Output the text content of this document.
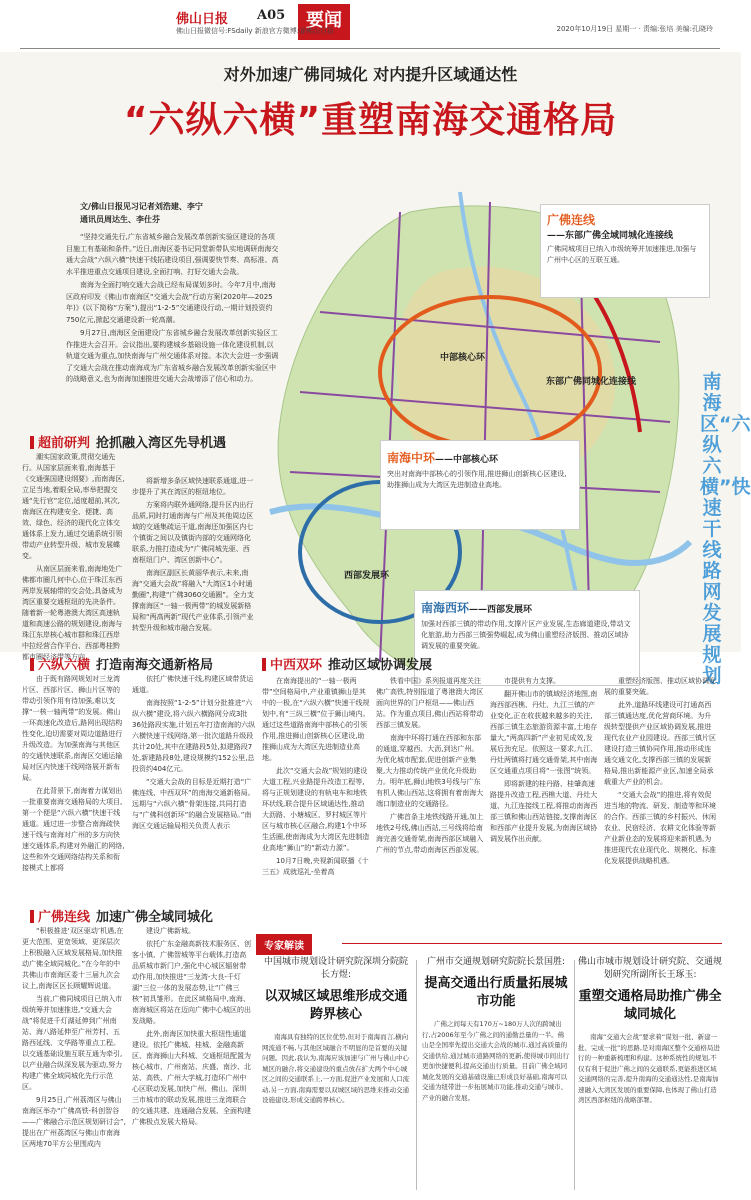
佛山日报 A05	要闻
佛山日报微信号:FSdaily 新浪官方微博:@佛山日报	2020年10月19日 星期一 · 责编:张培 美编:孔晓玲
中部核心环
东部广佛同城化连接线
西部发展环
对外加速广佛同城化 对内提升区域通达性
“六纵六横”重塑南海交通格局
文/佛山日报见习记者刘浩建、李宁
通讯员周达生、李仕芬

“坚持交通先行,广东省城乡融合发展改革创新实验区建设的各项目施工有基础和条件。”近日,南海区委书记同堂新带队实地调研南海交通大会战“六纵六横”快速干线拓建设项目,强调要快节奏、高标准、高水平推进重点交通项目建设,全面打响、打好交通大会战。

南海为全面打响交通大会战已经布局谋划多时。今年7月中,南海区政府印发《佛山市南海区“交通大会战”行动方案(2020年—2025年)》(以下简称“方案”),提出“1-2-5”交通建设行动,一期计划投资约750亿元,掀起交通建设新一轮高潮。

9月27日,南海区全面建设广东省城乡融合发展改革创新实验区工作推进大会召开。会议指出,要构建城乡基础设施一体化建设机制,以轨道交通为重点,加快南海与广州交通体系对接。本次大会进一步强调了交通大会战在推动南海成为广东省城乡融合发展改革创新实验区中的战略意义,也为南海加速推进交通大会战增添了信心和动力。

广佛连线
——东部广佛全域同城化连接线
广佛同城项目已纳入市级统筹并加速推进,加强与广州中心区的互联互通。
南海中环——中部核心环
突出对南海中部核心的引领作用,推进狮山创新核心区建设,助推狮山成为大湾区先进制造业高地。
南海西环——西部发展环
加强对西部三镇的带动作用,支撑片区产业发展,生态廊道建设,带动文化旅游,助力西部三镇强势崛起,成为佛山重塑经济版图、推动区域协调发展的重要突破。
南海区“六纵六横”快速干线路网发展规划
超前研判 抢抓融入湾区先导机遇

潮实国家政策,贯彻交通先行。从国家层面来看,南海基于《交通强国建设纲要》,而南海区,立足当地,着眼全局,率举把握交通“先行官”定位,适度超前,其次,南海区在构建安全、便捷、高效、绿色、经济的现代化立体交通体系上发力,通过交通系统引领带动产业转型升级、城市发展蝶变。

从南区层面来看,南海地处广佛都市圈几何中心,位于珠江东西两岸发展轴带的交会处,具备成为湾区重要交通枢纽的先决条件。随着新一轮粤港澳大湾区高速轨道和高速公路的规划建设,南海与珠江东岸核心城市群和珠江西岸中拉经营合作平台、西部粤桂黔都市圈经济带等方向

将新增多条区域快速联系通道,进一步提升了其在湾区的枢纽地位。

方案将内联外通网络,提升区内出行品质,同时打通南海与广州及其他周边区域的交通集疏运干道,南海还加强区内七个镇街之间以及镇街内部的交通网络化联系,力推打造成为“广佛同城先驱、西南枢纽门户、湾区创新中心”。

南海区副区长黄丽华表示,未来,南海“交通大会战”将融入“大湾区1小时通勤圈”,构建“广佛3060交通圈”。全力支撑南海区“一轴一极两带”的城发展新格局和“两高两新”现代产业体系,引领产业转型升级和城市融合发展。

六纵六横 打造南海交通新格局

由于既有路网规划对三龙湾片区、西部片区、狮山片区等的带动引领作用有待加强,难以支撑“一核一轴两带”的发展。佛山一环高速化改造后,路网出现结构性变化,迫切需要对周边道路进行升级改造。为加强南海与其他区的交通快速联系,南海区交通运输局对区内快速干线网络展开新布局。

在此背景下,南海着力谋划出一批重要南海交通格局的大项目,第一个便是“六纵六横”快速干线通道。通过进一步整合南海疏快速干线与南海对广州的多方向快速交通体系,构建对外融汇的网络,这些和外交通网络结构关系和衔接模式上都将

依托广佛快速干线,构建区域带货运通道。

南海按照“1-2-5”计划分批推进“六纵六横”建设,将六纵六横路网分成3批36处路段实施,计划五年打造南海的六纵六横快速干线网络,第一批次道路升级段共计20处,其中在建路段5处,拟建路段7处,新建路段8处,建设规模约152公里,总投资约404亿元。

“交通大会战的目标是近期打造“广佛连线、中西双环”的南海交通新格局。远期与“六纵六横”骨架连接,共同打造与“广佛科创新环”的融合发展格局。”南海区交通运输局相关负责人表示

广佛连线 加速广佛全域同城化

“积极推进‘双区驱动’机遇,在更大范围、更宽领域、更深层次上积极融入区域发展格局,加快推动广佛全域同城化。”在今年的中共佛山市南海区委十三届九次会议上,南海区区长顾耀辉说道。

当前,广佛同城项目已纳入市级统筹并加速推进,“交通大会战”将促进千灯湖延伸到广州南站、海八路延伸至广州芳村、五路西延线、文华路等重点工程。以交通基础设施互联互通为牵引,以产业融合纵深发展为驱动,努力构建广佛全域同城化先行示范区。

9月25日,广州荔湾区与佛山南海区举办“广佛高铁-科创智谷——广佛融合示范区规划研讨会”,提出在广州荔湾区与佛山市南海区两地70平方公里围成内

建设广佛新城。

依托广东金融高新技术服务区、创客小镇、广佛智城等平台载体,打造高品质城市新门户,强化中心城区辐射带动作用,加快推进“三龙湾-大良-千灯湖”三位一体的发展态势,让“广佛三核”初具雏形。在此区域格局中,南海、南海城区将站在迈向广佛中心城区的出发战略。

此外,南海区加快重大枢纽性通道建设。依托广佛城、桂城、金融高新区、南海狮山大科城、交通枢纽配置为核心城市、广州南站、庆盛、南沙、北站、高铁、广州大学城,打造环广州中心区联动发展,加快广州、佛山、深圳三市城市的联动发展,推进三龙湾联合的交通共建、连通融合发展、全面构建广佛极点发展大格局。

中西双环 推动区域协调发展

在南海提出的“一轴一极两带”空间格局中,产业重镇狮山是其中的一极,在“六纵六横”快速干线规划中,有“三纵三横”位于狮山境内。通过这些道路南海中部核心的引领作用,推进狮山创新核心区建设,助推狮山成为大湾区先进制造业高地。

此次“交通大会战”规划的建设大道工程,兴业路提升改造工程等,将与正规划建设的有轨电车和地铁环状线,联合提升区域通达性,推动大沥路、小塘城区、罗村城区等片区与城市核心区融合,构建1个中环生活圈,使南海成为大湾区先进制造业高地“狮山”的“新动力源”。

10月7日晚,央视新闻联播《十三五》成就巡礼-坐着高

铁看中国》系列报道再度关注佛广高铁,特别报道了粤港澳大湾区面向世界的门户枢纽——佛山西站。作为重点项目,佛山西站将带动西部三镇发展。

南海中环将打通在西部和东部的通道,穿越西、大沥,到达广州。为优化城市配套,促进创新产业集聚,大力推动传统产业优化升级助力。明年底,狮山地铁3号线与广东有机人佛山西站,这将拥有着南海大端口制造业的交通路径。

广佛首条主地铁线路开通,加上地铁2号线,佛山西站,三号线将给南海完善交通骨架,南海西部区域融入广州的节点,带动南海区西部发展。

市提供有力支撑。

翻开佛山市的镇域经济地图,南海西部西樵、丹灶、九江三镇的产业变化,正在收获越来越多的关注,西部三镇生态旅游资源丰富,土地存量大,“两高四新”产业初见成效,发展后劲充足。依照这一要求,九江、丹灶两镇将打通交通骨架,其中南海区交通重点项目将“一张图”统领。

即将新建的桂丹路、桂肇高速路提升改造工程,西樵大道、丹灶大道、九江连接线工程,将推动南海西部三镇和佛山西站链接,支撑南海区和西部产业提升发展,为南海区域协调发展作出贡献。

重塑经济版图、推动区域协调发展的重要突破。

此外,道路环线建设可打通高西部三镇通达度,优化营商环境。为升级转型提供产业区域协调发展,推进现代农业产业园建设。西部三镇片区建设打造三镇协同作用,推动形成连通交通文化,支撑西部三镇的发展新格局,推出新能源产业区,加速全局承载重大产业的机会。

“交通大会战”的推进,将有效促进当地的物流、研发、制造等和环境的合作。西部三镇的乡村振兴、休闲农业、民宿经济、农耕文化体验等新产业新业态的发展将迎来新机遇,为推进现代农业现代化、规模化、标准化发展提供战略机遇。

专家解读
中国城市规划设计研究院深圳分院院长方煜:
以双城区域思维形成交通跨界核心
南海具有独特的区位优势,但对于南海而言,横向网流通不畅,与其他区域融合不明显的是首要的关键问题。因此,我认为,南海应该加速与广州与佛山中心城区的融合,将交通建设的重点放在扩大两个中心城区之间的交通联系上,一方面,促进产业发展和人口流动,另一方面,南海需要以双城区域的思维来推动交通设施建设,形成交通跨界核心。
广州市交通规划研究院院长景国胜:
提高交通出行质量拓展城市功能
广佛之间每天有170万~180万人次的跨城出行,占2006年至今广佛之间的通勤总量的一半。佛山是全国率先提出交通大会战的城市,通过高质量的交通供给,通过城市道路网络的更新,使得城市间出行更加快捷便利,提高交通出行质量。目前广佛全域同城化发展的交通基础设施已形成良好基础,南海可以交通为纽带进一步拓展城市功能,推动交通与城市、产业的融合发展。
佛山市城市规划设计研究院、交通规划研究所副所长王琢玉:
重塑交通格局助推广佛全域同城化
南海“交通大会战”要求着“谋划一批、新建一批、完成一批”的思路,是对南海区整个交通格局进行的一种重新梳理和构建。这种系统性的规划,不仅有利于促进广佛之间的交通联系,更能推进区域交通网络的完善,提升南海的交通通达性,是南海加速融入大湾区发展的重要保障,也体现了佛山打造湾区西部枢纽的战略部署。
